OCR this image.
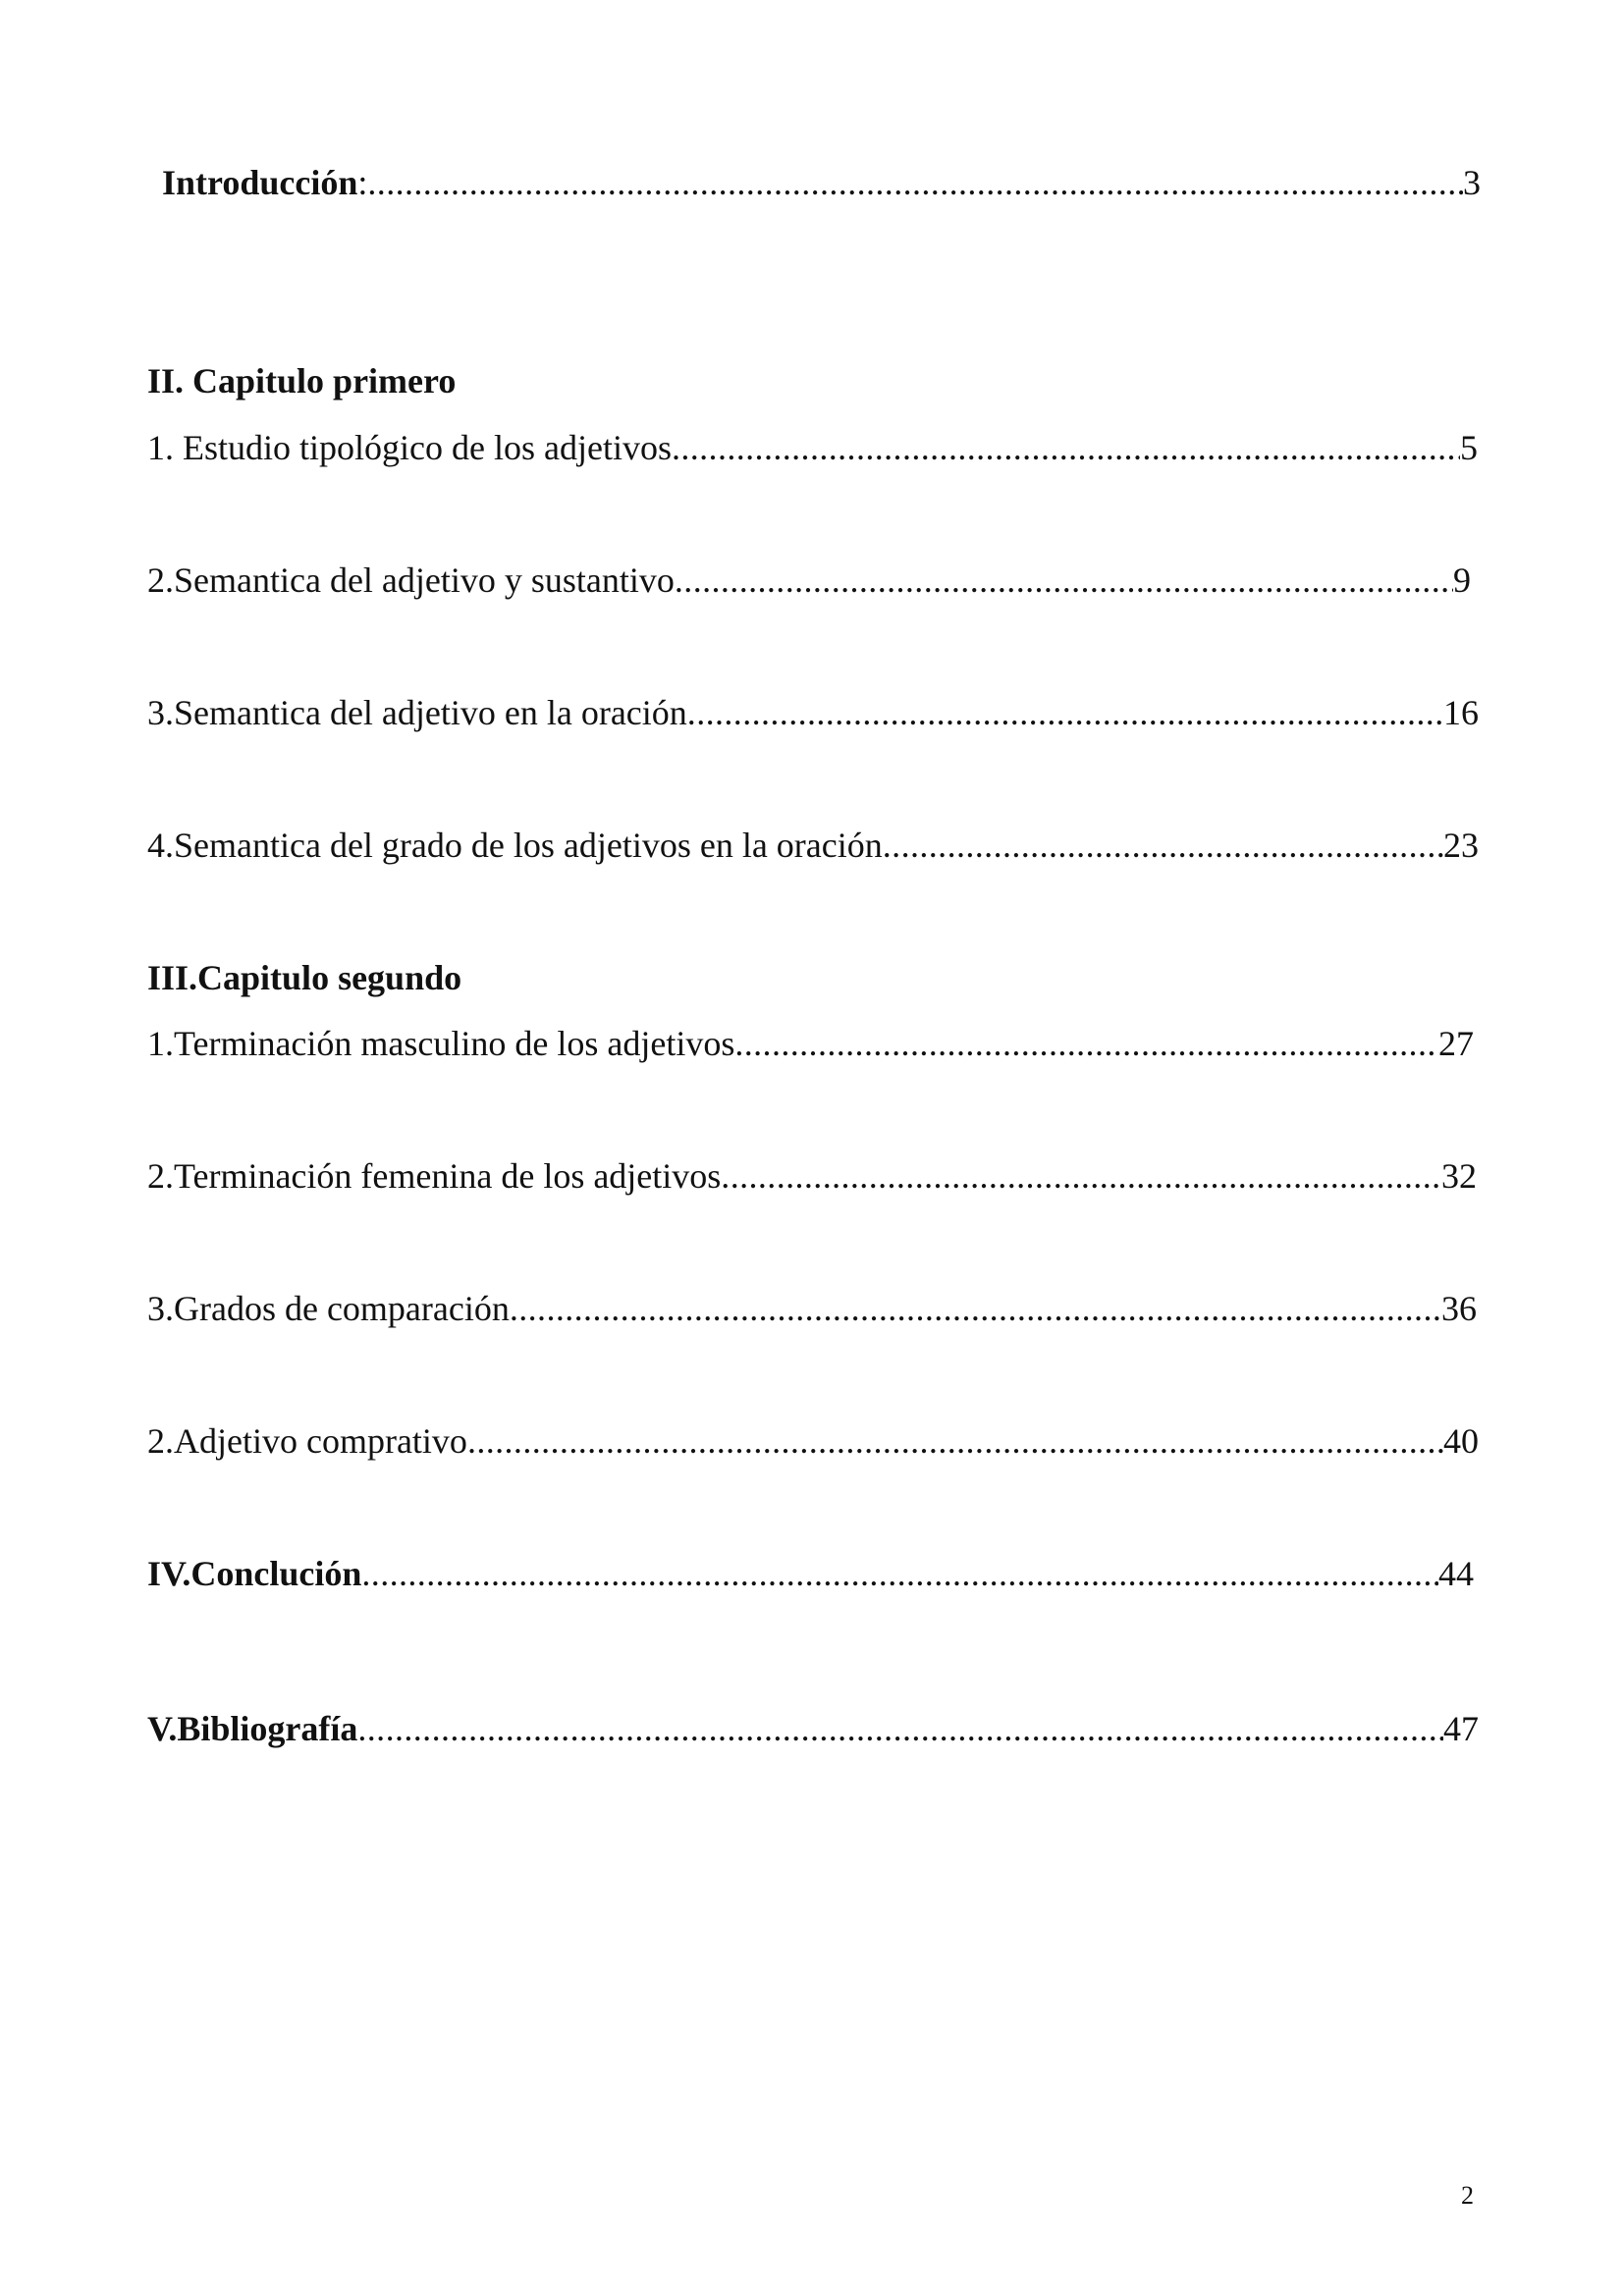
Introducción : .....	3
II. Capitulo primero
1. Estudio tipológico de los adjetivos .....	5
2.Semantica del adjetivo y sustantivo .....	9
3.Semantica del adjetivo en la oración .....	16
4.Semantica del grado de los adjetivos en la oración .....	23
III.Capitulo segundo
1.Terminación masculino de los adjetivos .....	27
2.Terminación femenina de los adjetivos .....	32
3.Grados de comparación .....	36
2.Adjetivo comprativo .....	40
IV.Conclución .....	44
V.Bibliografía .....	47
2
